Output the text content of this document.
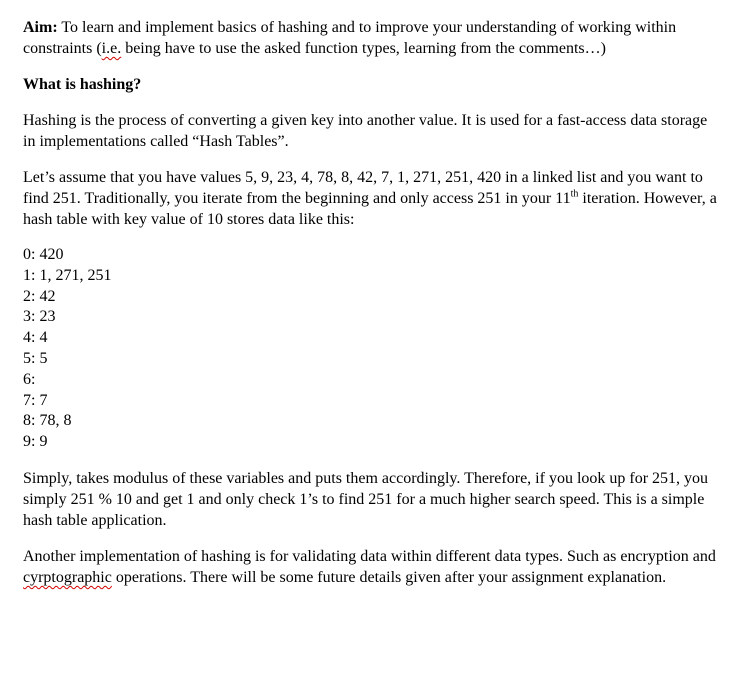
Aim: To learn and implement basics of hashing and to improve your understanding of working within constraints (i.e. being have to use the asked function types, learning from the comments…)

What is hashing?

Hashing is the process of converting a given key into another value. It is used for a fast-access data storage in implementations called “Hash Tables”.

Let’s assume that you have values 5, 9, 23, 4, 78, 8, 42, 7, 1, 271, 251, 420 in a linked list and you want to find 251. Traditionally, you iterate from the beginning and only access 251 in your 11th iteration. However, a hash table with key value of 10 stores data like this:

0: 420

1: 1, 271, 251

2: 42

3: 23

4: 4

5: 5

6:

7: 7

8: 78, 8

9: 9

Simply, takes modulus of these variables and puts them accordingly. Therefore, if you look up for 251, you simply 251 % 10 and get 1 and only check 1’s to find 251 for a much higher search speed. This is a simple hash table application.

Another implementation of hashing is for validating data within different data types. Such as encryption and cyrptographic operations. There will be some future details given after your assignment explanation.
